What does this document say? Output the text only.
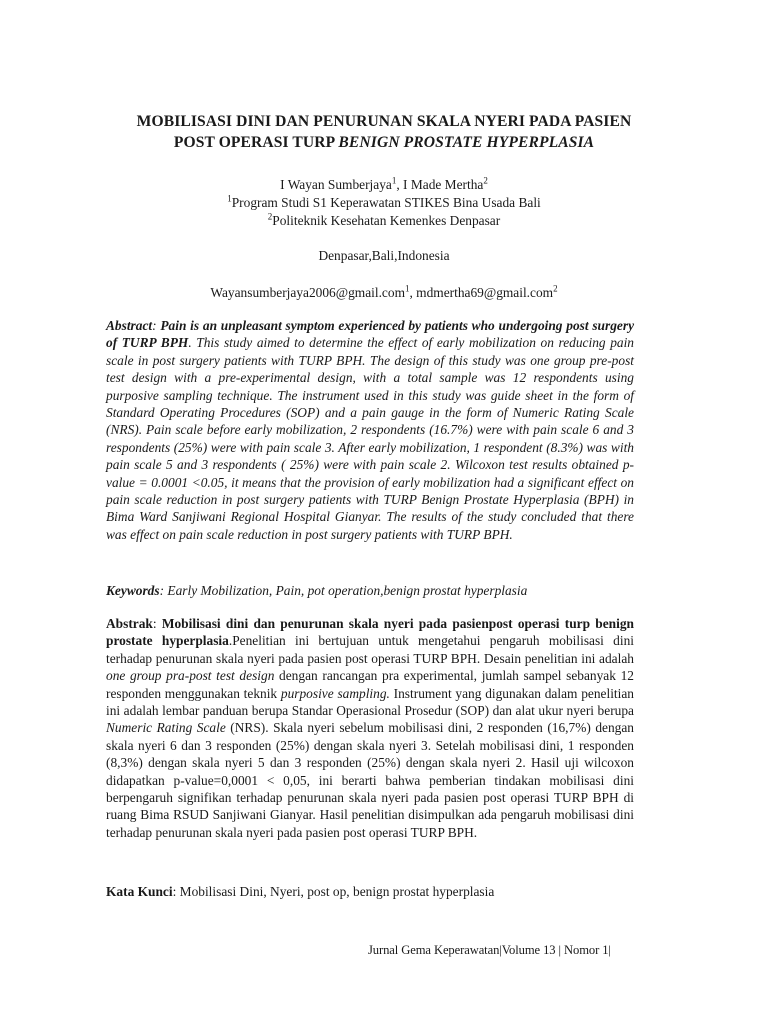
MOBILISASI DINI DAN PENURUNAN SKALA NYERI PADA PASIEN
POST OPERASI TURP BENIGN PROSTATE HYPERPLASIA
I Wayan Sumberjaya$^1$, I Made Mertha$^2$
$^1$Program Studi S1 Keperawatan STIKES Bina Usada Bali
$^2$Politeknik Kesehatan Kemenkes Denpasar
Denpasar,Bali,Indonesia
Wayansumberjaya2006@gmail.com$^1$, mdmertha69@gmail.com$^2$
Abstract: Pain is an unpleasant symptom experienced by patients who undergoing post surgery of TURP BPH. This study aimed to determine the effect of early mobilization on reducing pain scale in post surgery patients with TURP BPH. The design of this study was one group pre-post test design with a pre-experimental design, with a total sample was 12 respondents using purposive sampling technique. The instrument used in this study was guide sheet in the form of Standard Operating Procedures (SOP) and a pain gauge in the form of Numeric Rating Scale (NRS). Pain scale before early mobilization, 2 respondents (16.7%) were with pain scale 6 and 3 respondents (25%) were with pain scale 3. After early mobilization, 1 respondent (8.3%) was with pain scale 5 and 3 respondents ( 25%) were with pain scale 2. Wilcoxon test results obtained p-value = 0.0001 <0.05, it means that the provision of early mobilization had a significant effect on pain scale reduction in post surgery patients with TURP Benign Prostate Hyperplasia (BPH) in Bima Ward Sanjiwani Regional Hospital Gianyar. The results of the study concluded that there was effect on pain scale reduction in post surgery patients with TURP BPH.
Keywords: Early Mobilization, Pain, pot operation,benign prostat hyperplasia
Abstrak: Mobilisasi dini dan penurunan skala nyeri pada pasienpost operasi turp benign prostate hyperplasia.Penelitian ini bertujuan untuk mengetahui pengaruh mobilisasi dini terhadap penurunan skala nyeri pada pasien post operasi TURP BPH. Desain penelitian ini adalah one group pra-post test design dengan rancangan pra experimental, jumlah sampel sebanyak 12 responden menggunakan teknik purposive sampling. Instrument yang digunakan dalam penelitian ini adalah lembar panduan berupa Standar Operasional Prosedur (SOP) dan alat ukur nyeri berupa Numeric Rating Scale (NRS). Skala nyeri sebelum mobilisasi dini, 2 responden (16,7%) dengan skala nyeri 6 dan 3 responden (25%) dengan skala nyeri 3. Setelah mobilisasi dini, 1 responden (8,3%) dengan skala nyeri 5 dan 3 responden (25%) dengan skala nyeri 2. Hasil uji wilcoxon didapatkan p-value=0,0001 < 0,05, ini berarti bahwa pemberian tindakan mobilisasi dini berpengaruh signifikan terhadap penurunan skala nyeri pada pasien post operasi TURP BPH di ruang Bima RSUD Sanjiwani Gianyar. Hasil penelitian disimpulkan ada pengaruh mobilisasi dini terhadap penurunan skala nyeri pada pasien post operasi TURP BPH.
Kata Kunci: Mobilisasi Dini, Nyeri, post op, benign prostat hyperplasia
Jurnal Gema Keperawatan|Volume 13 | Nomor 1|
